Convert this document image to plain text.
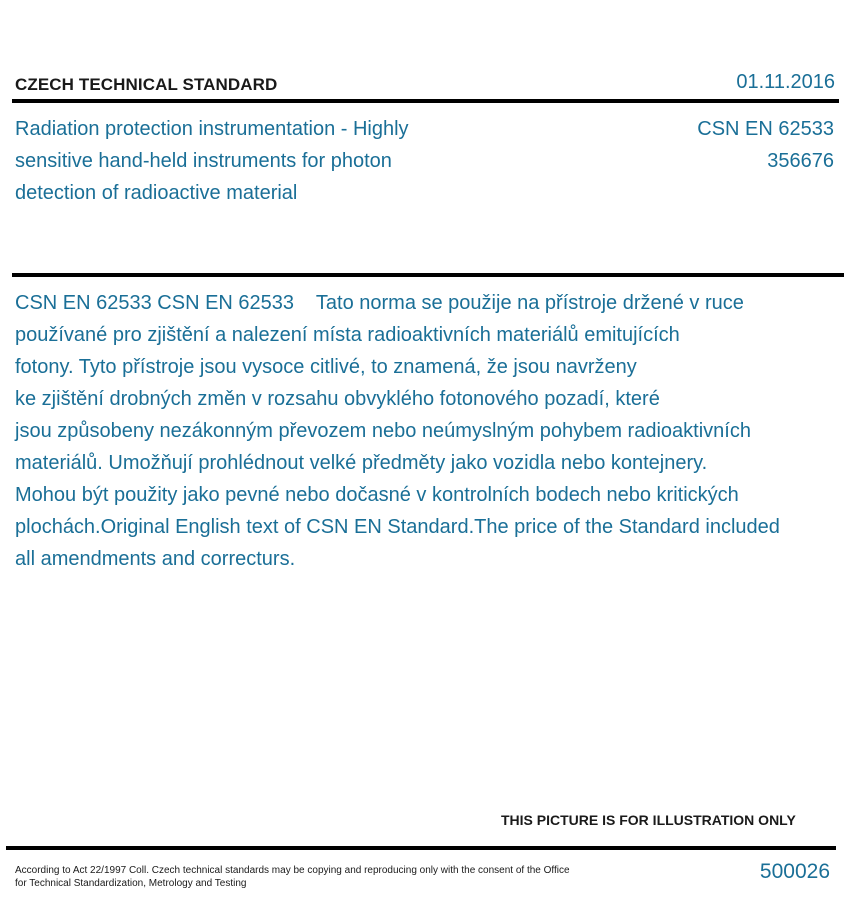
CZECH TECHNICAL STANDARD	01.11.2016
Radiation protection instrumentation - Highly
sensitive hand-held instruments for photon
detection of radioactive material
CSN EN 62533
356676
CSN EN 62533 CSN EN 62533    Tato norma se použije na přístroje držené v ruce
používané pro zjištění a nalezení místa radioaktivních materiálů emitujících
fotony. Tyto přístroje jsou vysoce citlivé, to znamená, že jsou navrženy
ke zjištění drobných změn v rozsahu obvyklého fotonového pozadí, které
jsou způsobeny nezákonným převozem nebo neúmyslným pohybem radioaktivních
materiálů. Umožňují prohlédnout velké předměty jako vozidla nebo kontejnery.
Mohou být použity jako pevné nebo dočasné v kontrolních bodech nebo kritických
plochách.Original English text of CSN EN Standard.The price of the Standard included
all amendments and correcturs.
THIS PICTURE IS FOR ILLUSTRATION ONLY
According to Act 22/1997 Coll. Czech technical standards may be copying and reproducing only with the consent of the Office
for Technical Standardization, Metrology and Testing
500026
